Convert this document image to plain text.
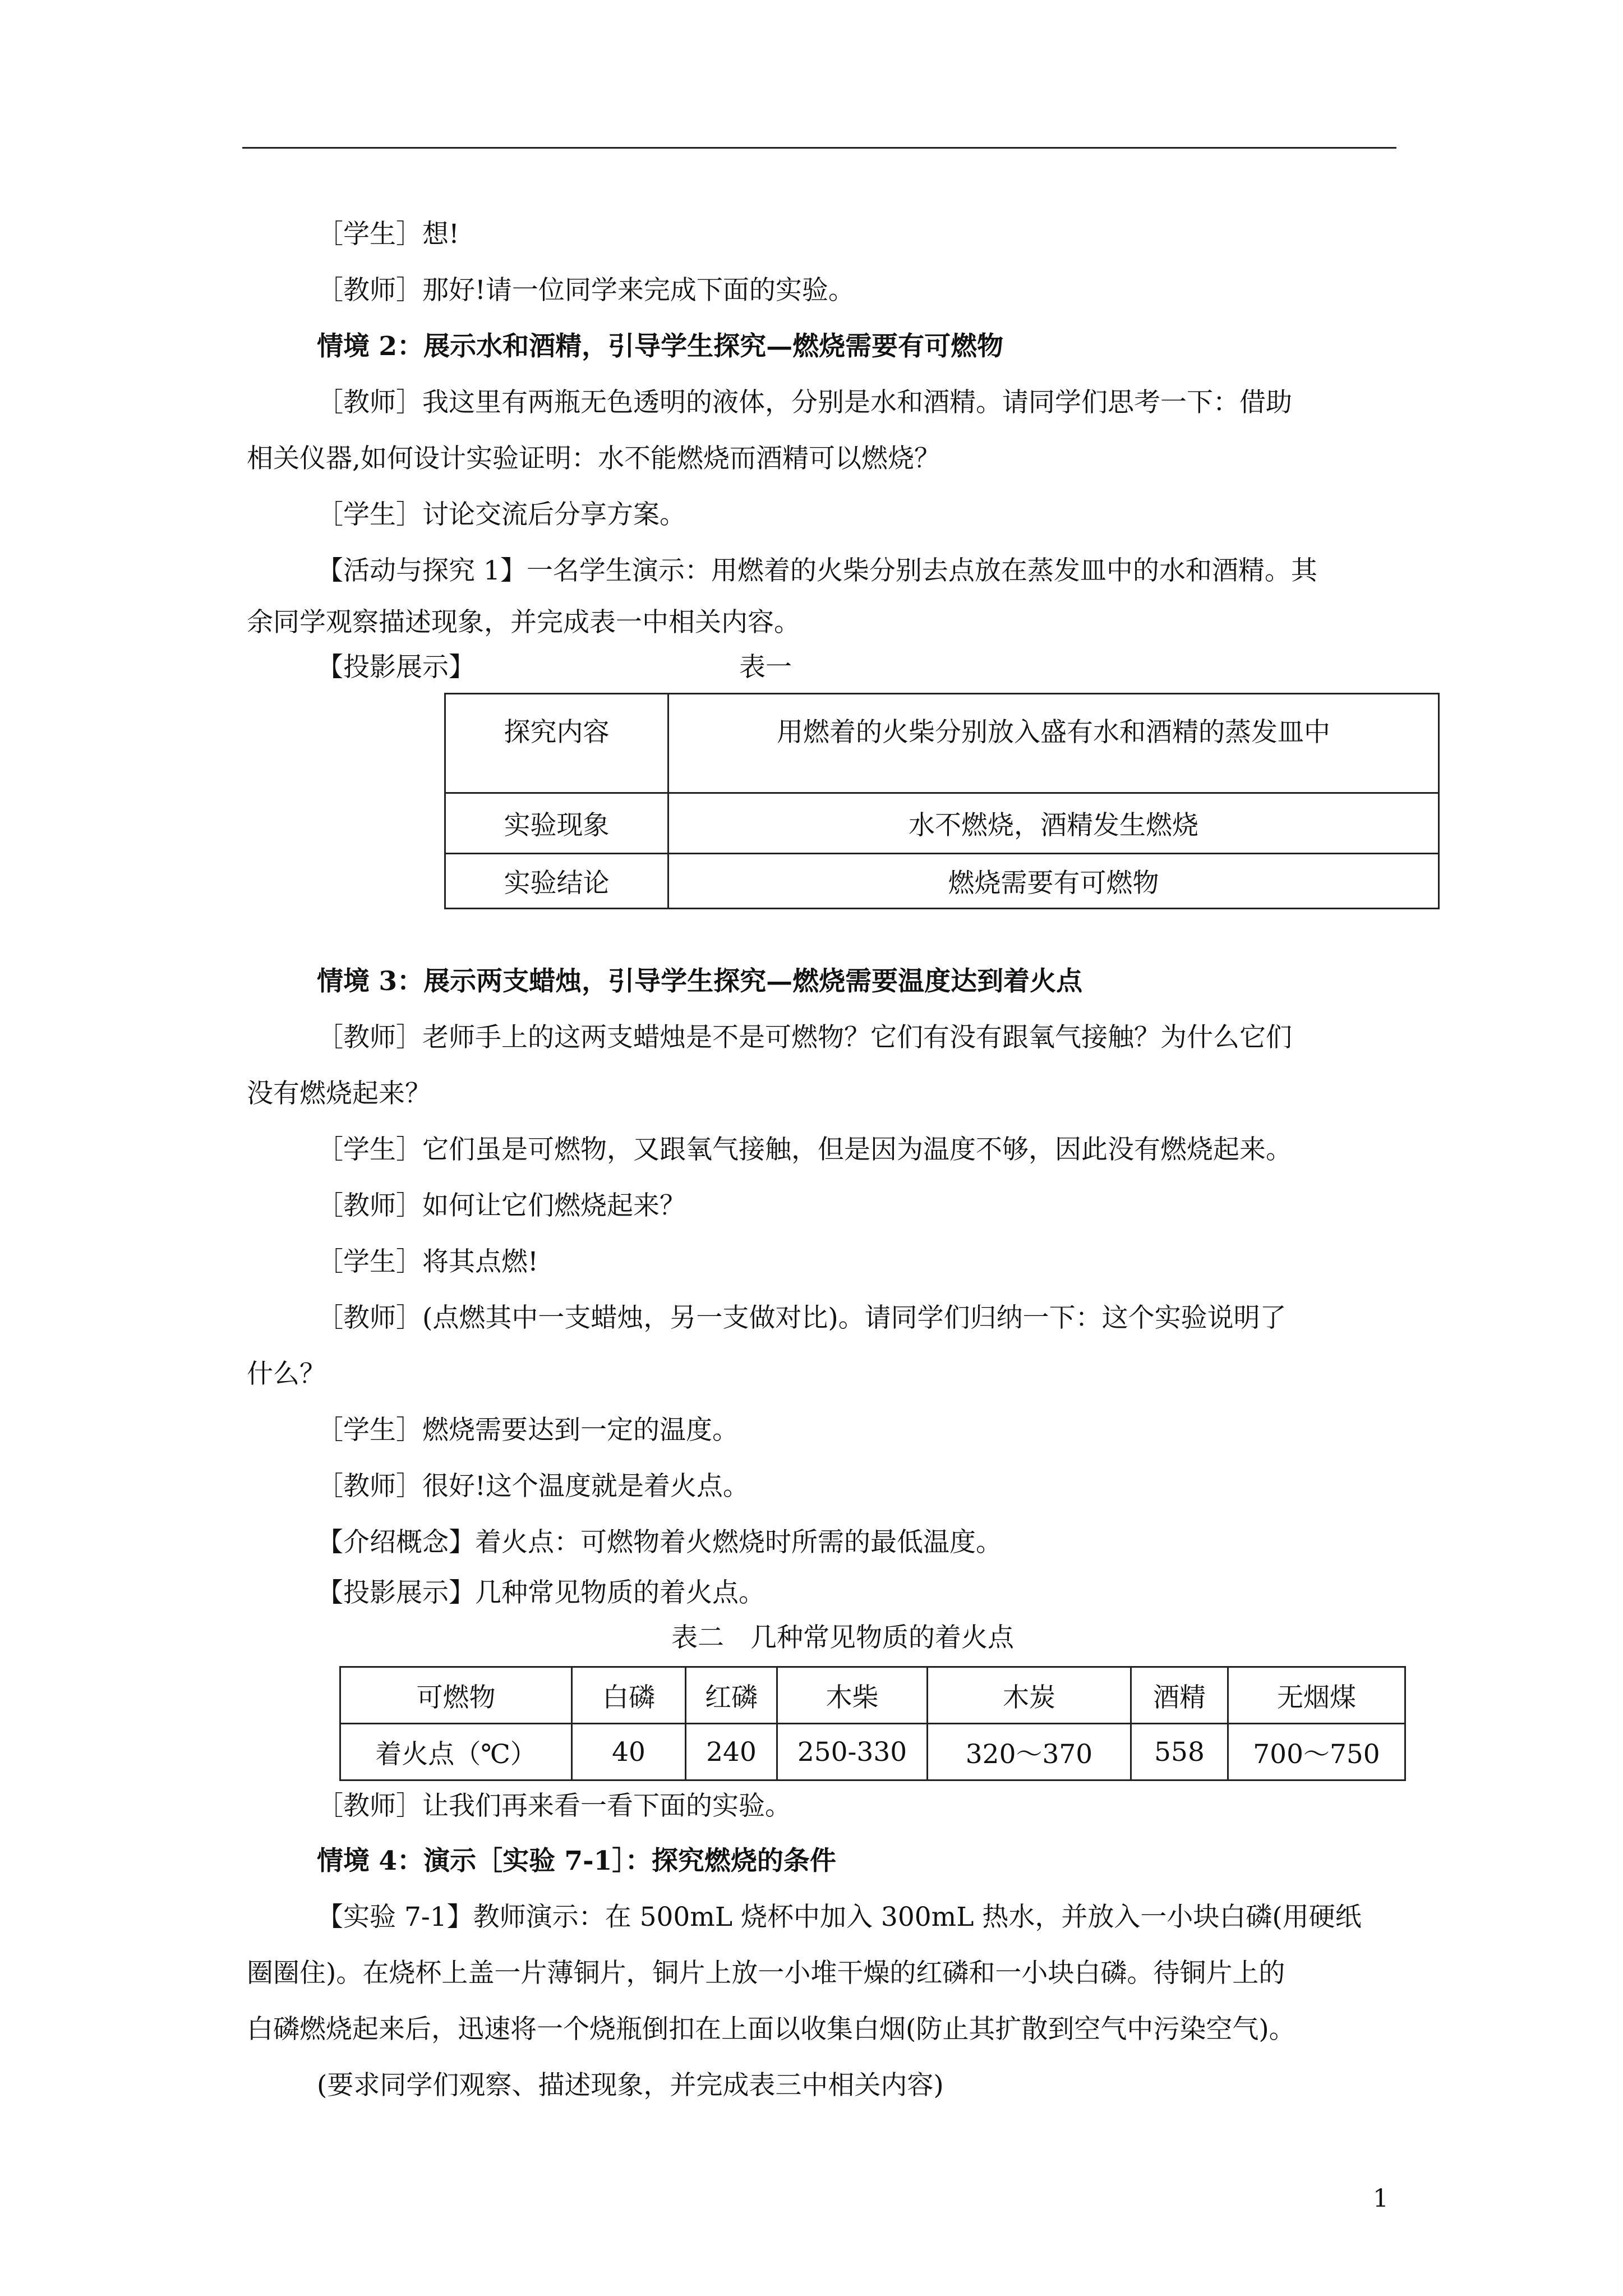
［学生］想!
［教师］那好!请一位同学来完成下面的实验。
情境 2：展示水和酒精，引导学生探究—燃烧需要有可燃物
［教师］我这里有两瓶无色透明的液体，分别是水和酒精。请同学们思考一下：借助
相关仪器,如何设计实验证明：水不能燃烧而酒精可以燃烧？
［学生］讨论交流后分享方案。
【活动与探究 1】一名学生演示：用燃着的火柴分别去点放在蒸发皿中的水和酒精。其
余同学观察描述现象，并完成表一中相关内容。
【投影展示】	表一
探究内容	用燃着的火柴分别放入盛有水和酒精的蒸发皿中
实验现象	水不燃烧，酒精发生燃烧
实验结论	燃烧需要有可燃物
情境 3：展示两支蜡烛，引导学生探究—燃烧需要温度达到着火点
［教师］老师手上的这两支蜡烛是不是可燃物？它们有没有跟氧气接触？为什么它们
没有燃烧起来？
［学生］它们虽是可燃物，又跟氧气接触，但是因为温度不够，因此没有燃烧起来。
［教师］如何让它们燃烧起来？
［学生］将其点燃!
［教师］(点燃其中一支蜡烛，另一支做对比)。请同学们归纳一下：这个实验说明了
什么？
［学生］燃烧需要达到一定的温度。
［教师］很好!这个温度就是着火点。
【介绍概念】着火点：可燃物着火燃烧时所需的最低温度。
【投影展示】几种常见物质的着火点。
表二　几种常见物质的着火点
可燃物	白磷	红磷	木柴	木炭	酒精	无烟煤
着火点（℃）	40	240	250-330	320～370	558	700～750
［教师］让我们再来看一看下面的实验。
情境 4：演示［实验 7-1］：探究燃烧的条件
【实验 7-1】教师演示：在 500mL 烧杯中加入 300mL 热水，并放入一小块白磷(用硬纸
圈圈住)。在烧杯上盖一片薄铜片，铜片上放一小堆干燥的红磷和一小块白磷。待铜片上的
白磷燃烧起来后，迅速将一个烧瓶倒扣在上面以收集白烟(防止其扩散到空气中污染空气)。
(要求同学们观察、描述现象，并完成表三中相关内容)
1
